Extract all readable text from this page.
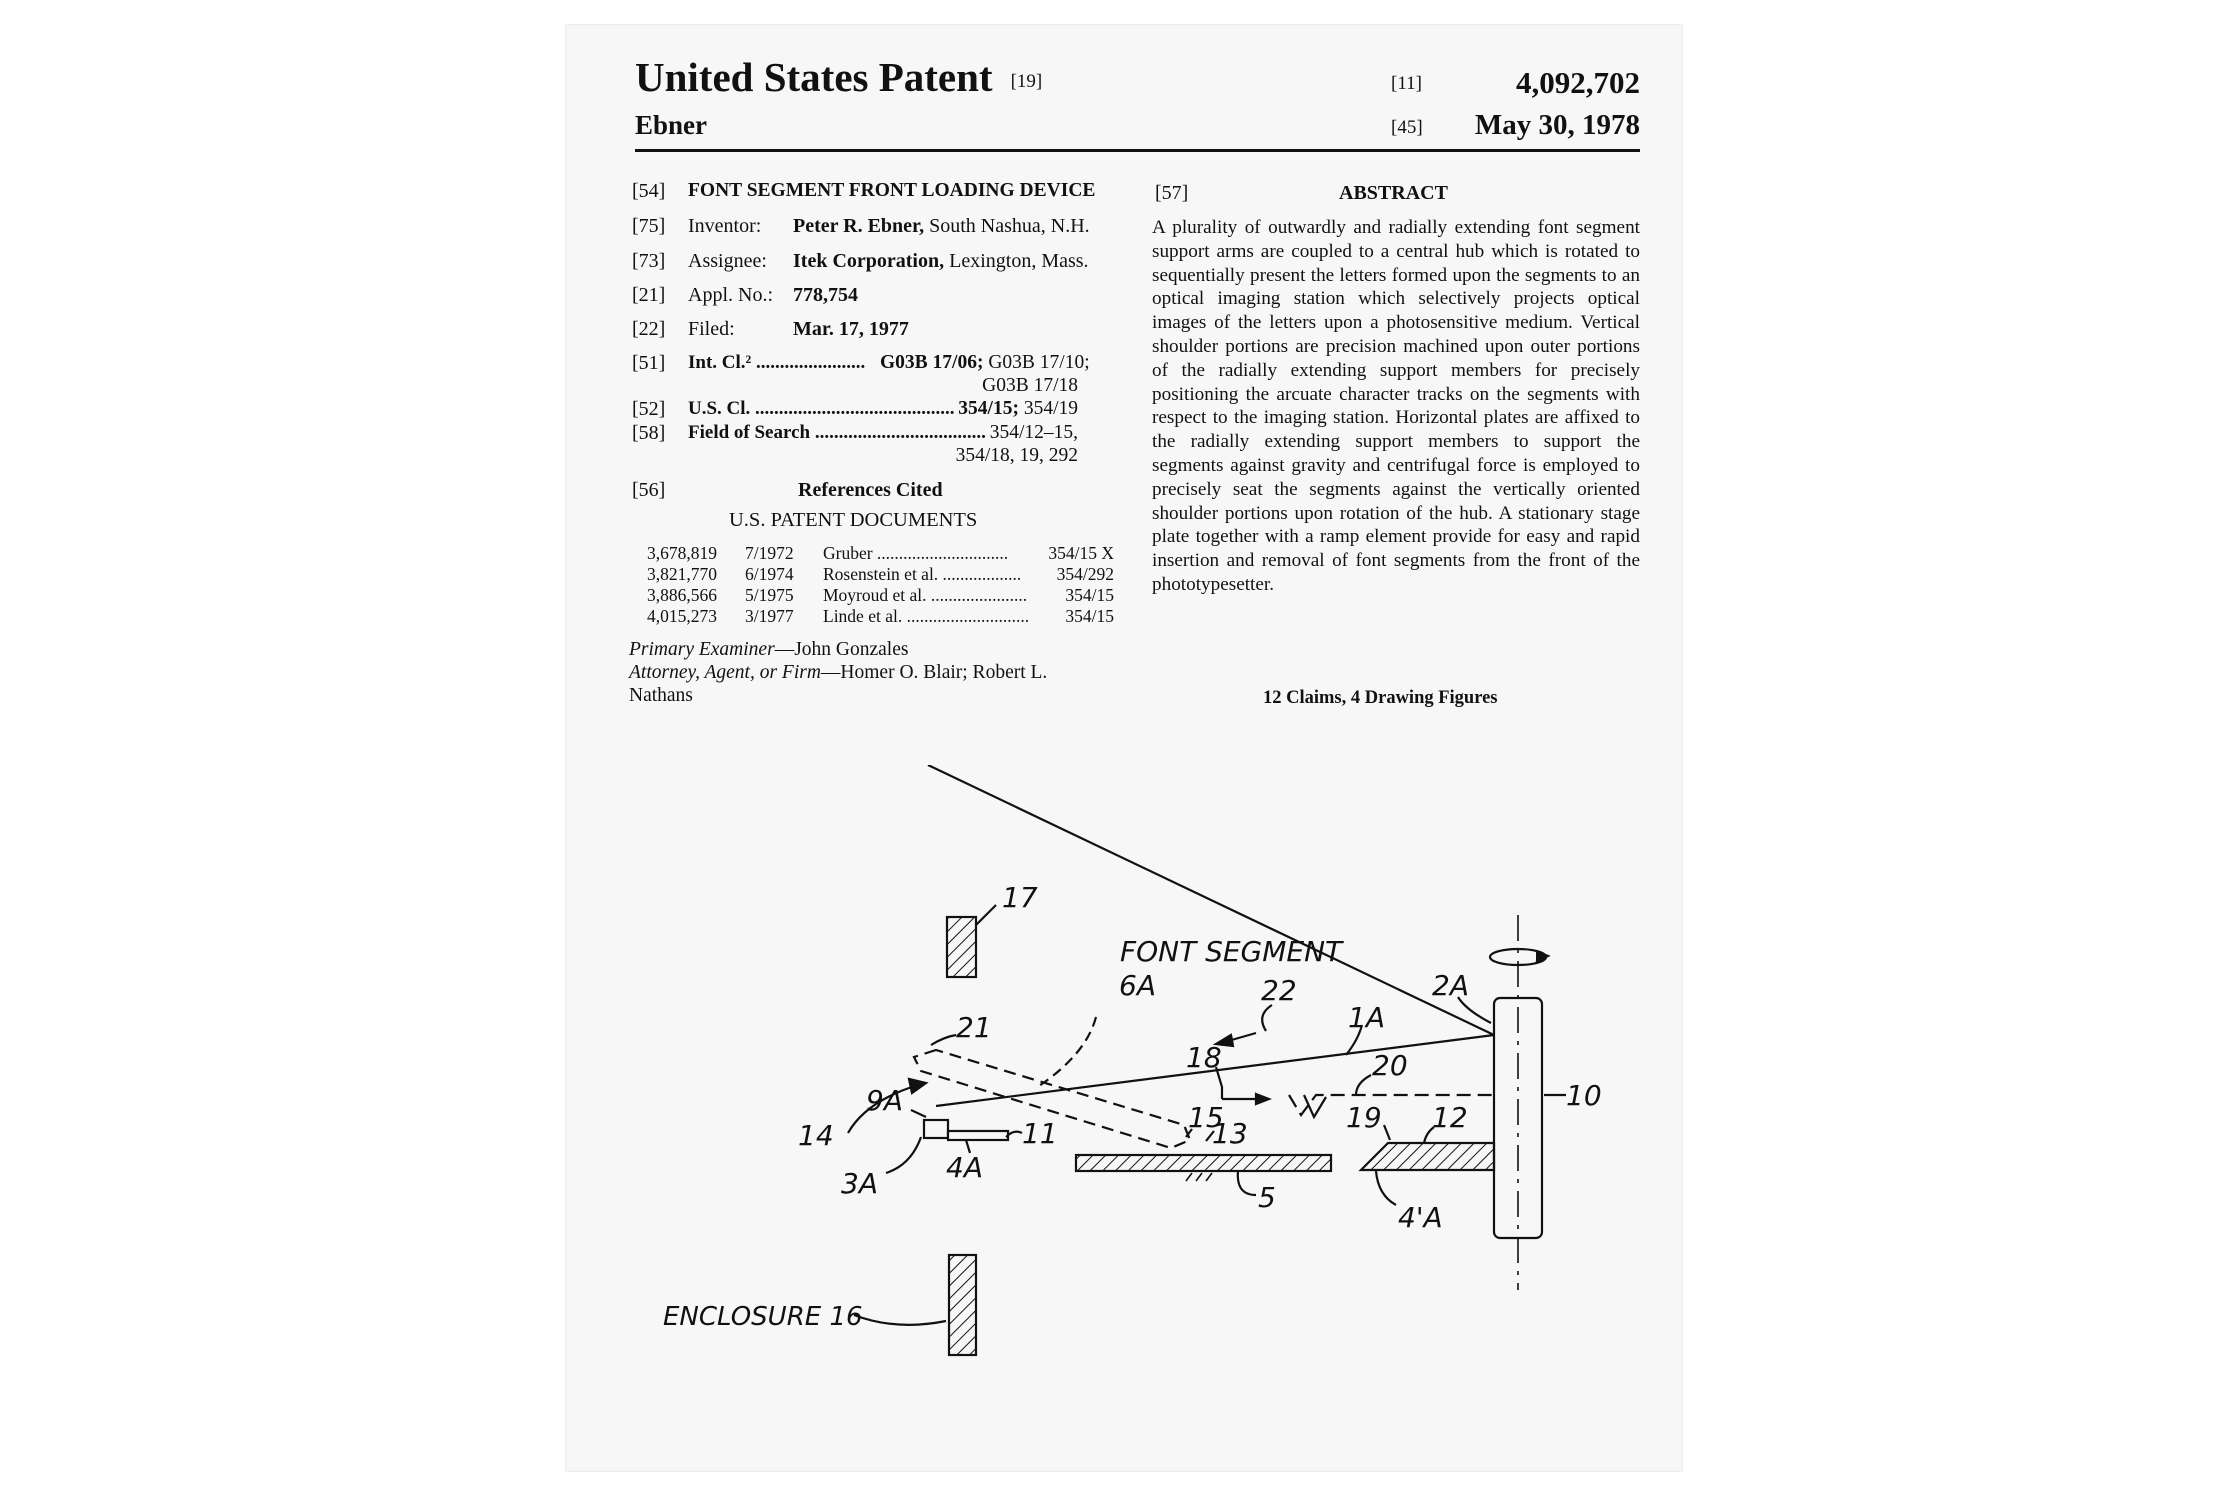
United States Patent [19]
Ebner
[11]	4,092,702
[45] May 30, 1978
[54] FONT SEGMENT FRONT LOADING DEVICE
[75] Inventor: Peter R. Ebner, South Nashua, N.H.
[73] Assignee: Itek Corporation, Lexington, Mass.
[21] Appl. No.: 778,754
[22] Filed:	Mar. 17, 1977
[51] Int. Cl.² ....................... G03B 17/06; G03B 17/10;
G03B 17/18
[52] U.S. Cl. .......................................... 354/15; 354/19
[58] Field of Search .................................... 354/12–15,
354/18, 19, 292
[56]	References Cited
U.S. PATENT DOCUMENTS
3,678,819 7/1972 Gruber .............................. 354/15 X
3,821,770 6/1974 Rosenstein et al. .................. 354/292
3,886,566 5/1975 Moyroud et al. ...................... 354/15
4,015,273 3/1977 Linde et al. ............................ 354/15
Primary Examiner—John Gonzales
Attorney, Agent, or Firm—Homer O. Blair; Robert L.
Nathans
[57]	ABSTRACT
A plurality of outwardly and radially extending font segment support arms are coupled to a central hub which is rotated to sequentially present the letters formed upon the segments to an optical imaging station which selectively projects optical images of the letters upon a photosensitive medium. Vertical shoulder portions are precision machined upon outer portions of the radially extending support members for precisely positioning the arcuate character tracks on the segments with respect to the imaging station. Horizontal plates are affixed to the radially extending support members to support the segments against gravity and centrifugal force is employed to precisely seat the segments against the vertically oriented shoulder portions upon rotation of the hub. A stationary stage plate together with a ramp element provide for easy and rapid insertion and removal of font segments from the front of the phototypesetter.
12 Claims, 4 Drawing Figures
17
FONT SEGMENT
6A	22	2A
21	1A
18	20
10
14
9A
11	15
13	19 12
3A 4A
5
4'A
ENCLOSURE 16
